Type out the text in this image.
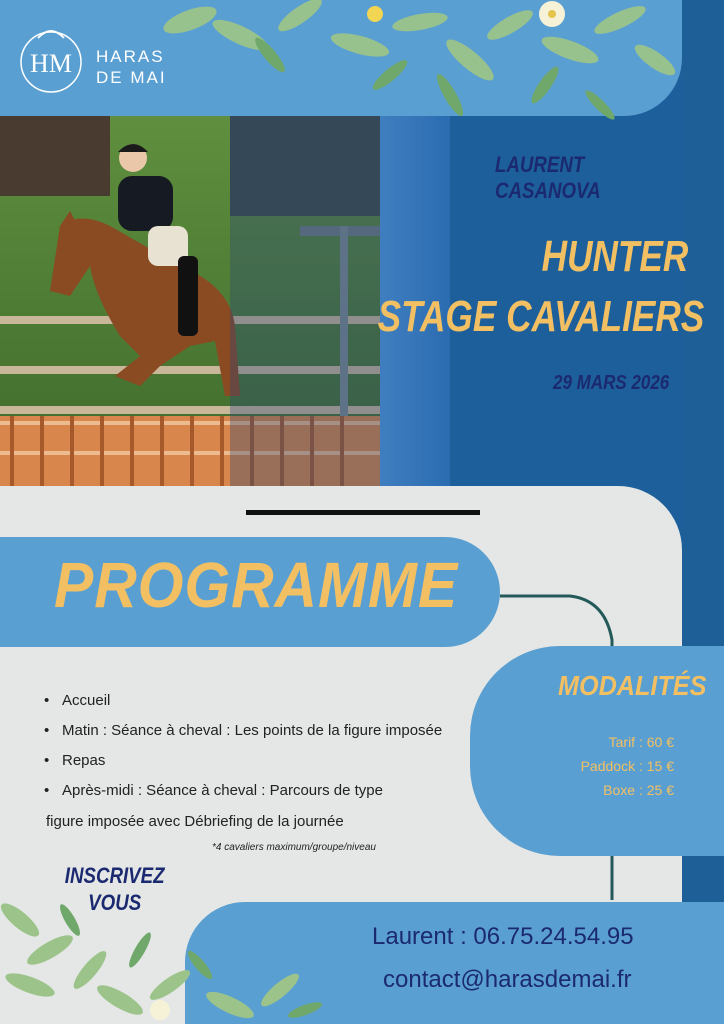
HM HARAS
DE MAI
LAURENT CASANOVA
HUNTER
STAGE CAVALIERS
29 MARS 2026
PROGRAMME
• Accueil
• Matin : Séance à cheval : Les points de la figure imposée
• Repas
• Après-midi : Séance à cheval : Parcours de type
figure imposée avec Débriefing de la journée
*4 cavaliers maximum/groupe/niveau
MODALITÉS
Tarif : 60 €
Paddock : 15 €
Boxe : 25 €
INSCRIVEZ
VOUS
Laurent : 06.75.24.54.95
contact@harasdemai.fr
